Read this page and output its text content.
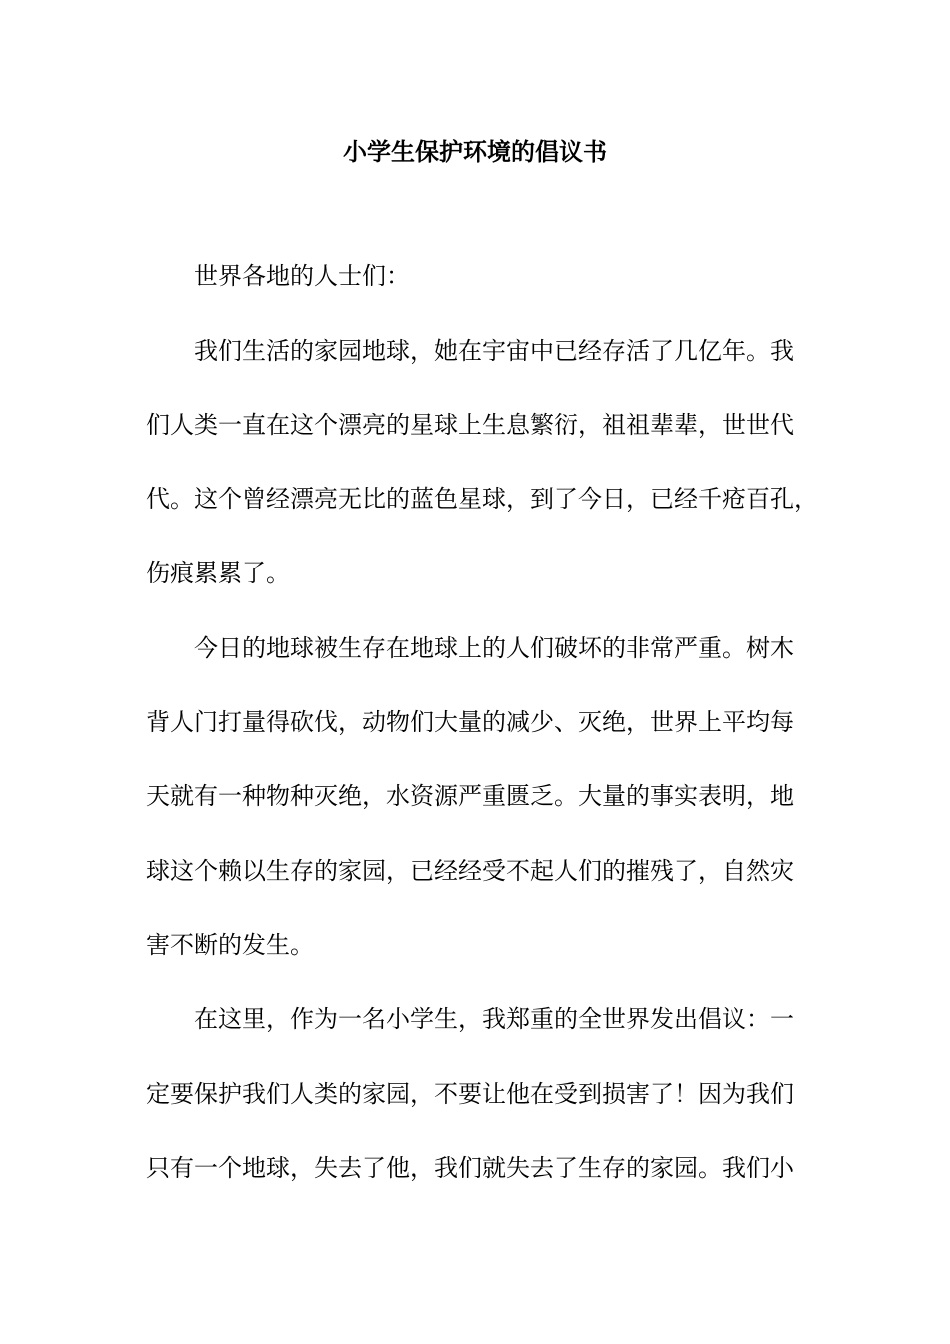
小学生保护环境的倡议书

世界各地的人士们：

我们生活的家园地球，她在宇宙中已经存活了几亿年。我

们人类一直在这个漂亮的星球上生息繁衍，祖祖辈辈，世世代

代。这个曾经漂亮无比的蓝色星球，到了今日，已经千疮百孔，

伤痕累累了。

今日的地球被生存在地球上的人们破坏的非常严重。树木

背人门打量得砍伐，动物们大量的减少、灭绝，世界上平均每

天就有一种物种灭绝，水资源严重匮乏。大量的事实表明，地

球这个赖以生存的家园，已经经受不起人们的摧残了，自然灾

害不断的发生。

在这里，作为一名小学生，我郑重的全世界发出倡议：一

定要保护我们人类的家园，不要让他在受到损害了！因为我们

只有一个地球，失去了他，我们就失去了生存的家园。我们小
